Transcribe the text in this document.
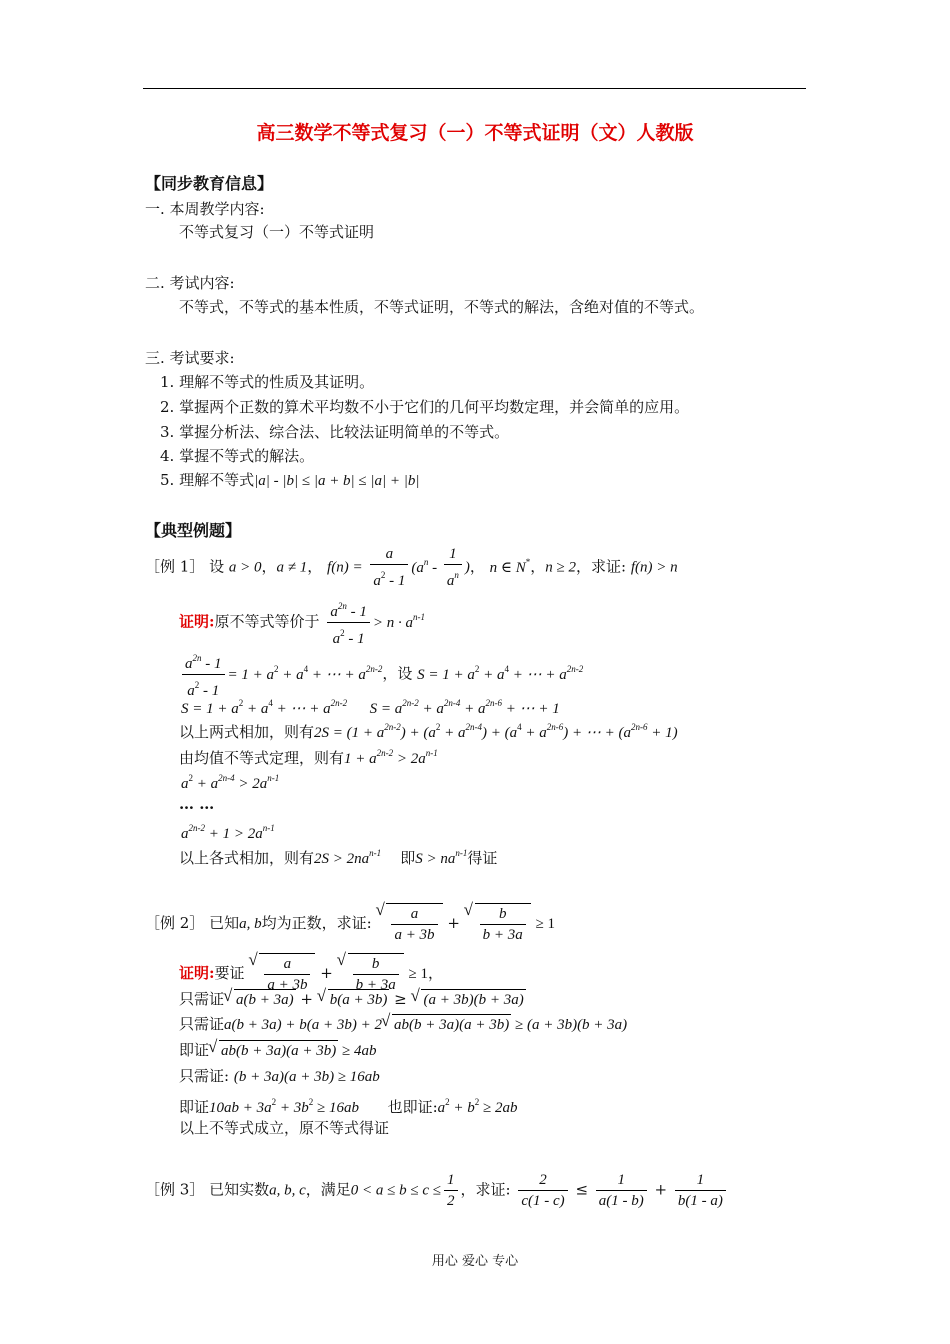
高三数学不等式复习（一）不等式证明（文）人教版
【同步教育信息】
一. 本周教学内容:
不等式复习（一）不等式证明
二. 考试内容:
不等式，不等式的基本性质，不等式证明，不等式的解法，含绝对值的不等式。
三. 考试要求:
1. 理解不等式的性质及其证明。
2. 掌握两个正数的算术平均数不小于它们的几何平均数定理，并会简单的应用。
3. 掌握分析法、综合法、比较法证明简单的不等式。
4. 掌握不等式的解法。
5. 理解不等式|a| - |b| ≤ |a + b| ≤ |a| + |b|
【典型例题】
［例 1］ 设 a > 0，a ≠ 1， $f(n) = \frac{a}{a^2 - 1} (a^n - \frac{1}{a^n}$ )， n ∈ N*，n ≥ 2，求证: f(n) > n
证明:原不等式等价于 $\frac{a^{2n} - 1}{a^2 - 1} > n \cdot a^{n-1}$
$\frac{a^{2n} - 1}{a^2 - 1} = 1 + a^2 + a^4$ + ⋯ + $a^{2n-2}$，设 $S = 1 + a^2 + a^4$ + ⋯ + $a^{2n-2}$
$S = 1 + a^2 + a^4$ + ⋯ + $a^{2n-2}$      $S = a^{2n-2} + a^{2n-4} + a^{2n-6}$ + ⋯ + 1
以上两式相加，则有$2S = (1 + a^{2n-2}) + (a^2 + a^{2n-4}) + (a^4 + a^{2n-6})$ + ⋯ + $(a^{2n-6} + 1)$
由均值不等式定理，则有$1 + a^{2n-2} > 2a^{n-1}$
$a^2 + a^{2n-4} > 2a^{n-1}$
… …
$a^{2n-2} + 1 > 2a^{n-1}$
以上各式相加，则有$2S > 2na^{n-1}$ 即$S > na^{n-1}$得证
［例 2］ 已知a, b均为正数，求证: √ $\frac{a}{a + 3b}$ + √ $\frac{b}{b + 3a} \ge 1$
证明:要证 √ $\frac{a}{a + 3b}$ + √ $\frac{b}{b + 3a} \ge 1$，
只需证 √ a(b + 3a) + √ b(a + 3b) ≥ √ (a + 3b)(b + 3a)
只需证a(b + 3a) + b(a + 3b) + 2 √ ab(b + 3a)(a + 3b) ≥ (a + 3b)(b + 3a)
即证 √ ab(b + 3a)(a + 3b) ≥ 4ab
只需证: (b + 3a)(a + 3b) ≥ 16ab
即证$10ab + 3a^2 + 3b^2 \ge 16ab$ 也即证$:a^2 + b^2 \ge 2ab$
以上不等式成立，原不等式得证
［例 3］ 已知实数a, b, c，满足$0 < a \le b \le c \le \frac{1}{2}$ ，求证: $\frac{2}{c(1 - c)} \le \frac{1}{a(1 - b)} + \frac{1}{b(1 - a)}$
用心 爱心 专心
